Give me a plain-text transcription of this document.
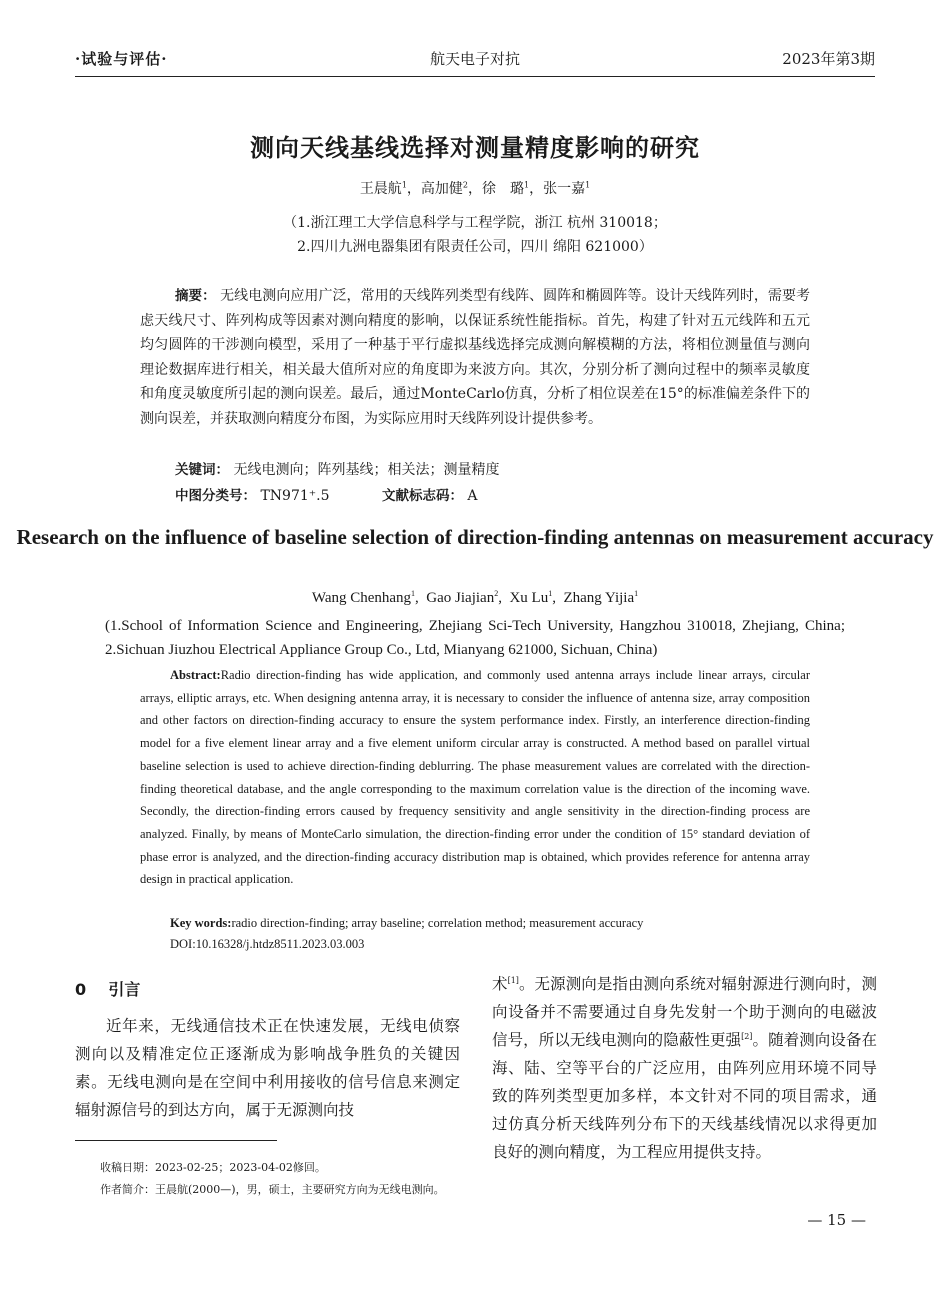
·试验与评估·	航天电子对抗	2023年第3期
测向天线基线选择对测量精度影响的研究
王晨航$^1$，高加健$^2$，徐　璐$^1$，张一嘉$^1$
（1.浙江理工大学信息科学与工程学院，浙江 杭州 310018；
2.四川九洲电器集团有限责任公司，四川 绵阳 621000）
摘要： 无线电测向应用广泛，常用的天线阵列类型有线阵、圆阵和椭圆阵等。设计天线阵列时，需要考虑天线尺寸、阵列构成等因素对测向精度的影响，以保证系统性能指标。首先，构建了针对五元线阵和五元均匀圆阵的干涉测向模型，采用了一种基于平行虚拟基线选择完成测向解模糊的方法，将相位测量值与测向理论数据库进行相关，相关最大值所对应的角度即为来波方向。其次，分别分析了测向过程中的频率灵敏度和角度灵敏度所引起的测向误差。最后，通过MonteCarlo仿真，分析了相位误差在15°的标准偏差条件下的测向误差，并获取测向精度分布图，为实际应用时天线阵列设计提供参考。
关键词： 无线电测向；阵列基线；相关法；测量精度
中图分类号： TN971⁺.5	文献标志码： A
Research on the influence of baseline selection of direction-finding antennas on measurement accuracy
Wang Chenhang$^1$,  Gao Jiajian$^2$,  Xu Lu$^1$,  Zhang Yijia$^1$
(1.School of Information Science and Engineering, Zhejiang Sci-Tech University, Hangzhou 310018, Zhejiang, China; 2.Sichuan Jiuzhou Electrical Appliance Group Co., Ltd, Mianyang 621000, Sichuan, China)
Abstract:Radio direction-finding has wide application, and commonly used antenna arrays include linear arrays, circular arrays, elliptic arrays, etc. When designing antenna array, it is necessary to consider the influence of antenna size, array composition and other factors on direction-finding accuracy to ensure the system performance index. Firstly, an interference direction-finding model for a five element linear array and a five element uniform circular array is constructed. A method based on parallel virtual baseline selection is used to achieve direction-finding deblurring. The phase measurement values are correlated with the direction-finding theoretical database, and the angle corresponding to the maximum correlation value is the direction of the incoming wave. Secondly, the direction-finding errors caused by frequency sensitivity and angle sensitivity in the direction-finding process are analyzed. Finally, by means of MonteCarlo simulation, the direction-finding error under the condition of 15° standard deviation of phase error is analyzed, and the direction-finding accuracy distribution map is obtained, which provides reference for antenna array design in practical application.
Key words:radio direction-finding; array baseline; correlation method; measurement accuracy
DOI:10.16328/j.htdz8511.2023.03.003
0 引言
近年来，无线通信技术正在快速发展，无线电侦察测向以及精准定位正逐渐成为影响战争胜负的关键因素。无线电测向是在空间中利用接收的信号信息来测定辐射源信号的到达方向，属于无源测向技
术[1]。无源测向是指由测向系统对辐射源进行测向时，测向设备并不需要通过自身先发射一个助于测向的电磁波信号，所以无线电测向的隐蔽性更强[2]。随着测向设备在海、陆、空等平台的广泛应用，由阵列应用环境不同导致的阵列类型更加多样，本文针对不同的项目需求，通过仿真分析天线阵列分布下的天线基线情况以求得更加良好的测向精度，为工程应用提供支持。
收稿日期：2023-02-25；2023-04-02修回。
作者简介：王晨航(2000—)，男，硕士，主要研究方向为无线电测向。
— 15 —
